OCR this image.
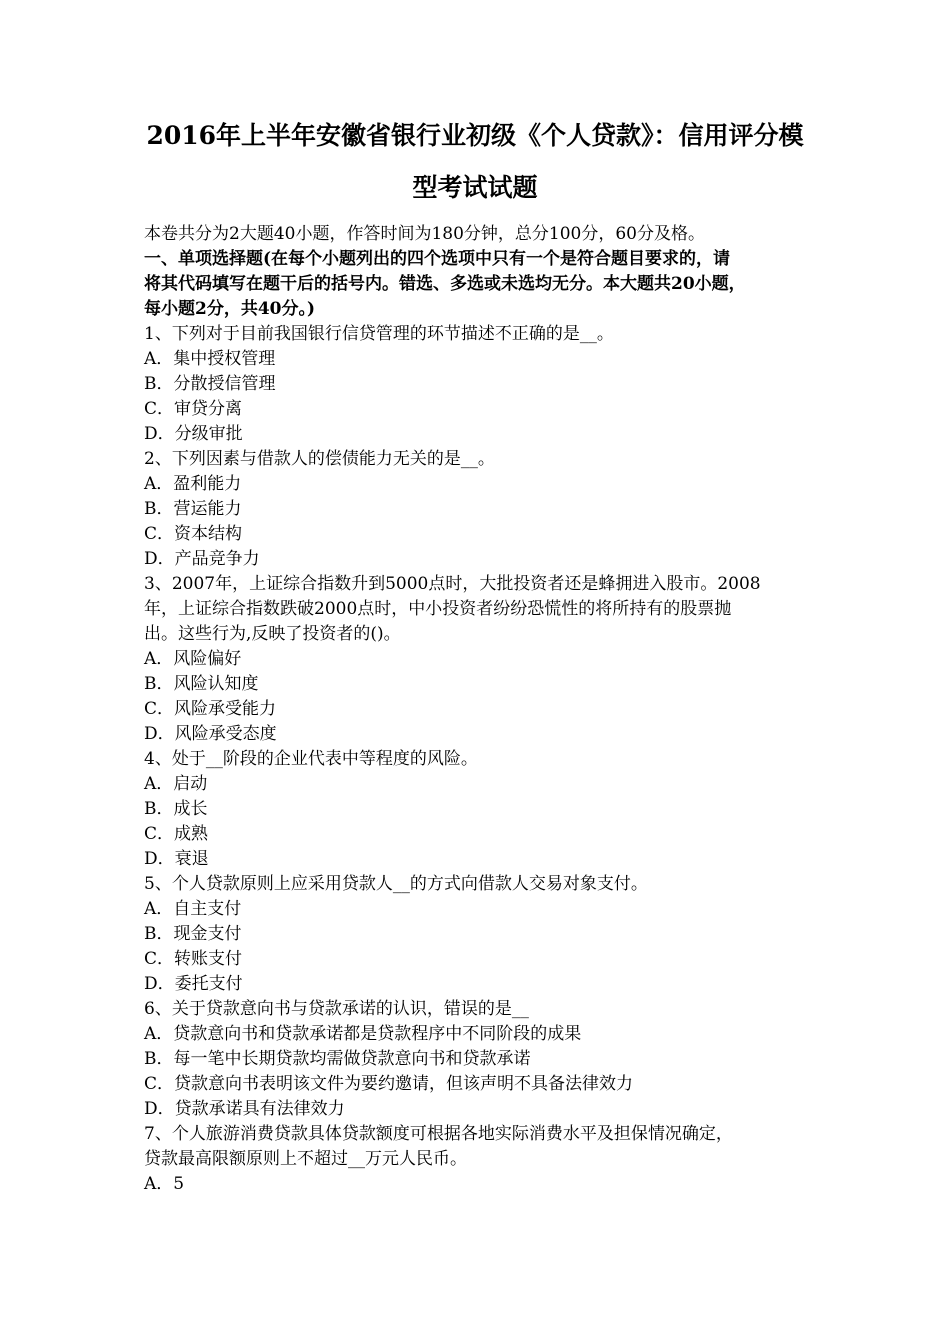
2016年上半年安徽省银行业初级《个人贷款》：信用评分模
型考试试题
本卷共分为2大题40小题，作答时间为180分钟，总分100分，60分及格。
一、单项选择题(在每个小题列出的四个选项中只有一个是符合题目要求的，请
将其代码填写在题干后的括号内。错选、多选或未选均无分。本大题共20小题，
每小题2分，共40分。)
1、下列对于目前我国银行信贷管理的环节描述不正确的是__。
A．集中授权管理
B．分散授信管理
C．审贷分离
D．分级审批
2、下列因素与借款人的偿债能力无关的是__。
A．盈利能力
B．营运能力
C．资本结构
D．产品竞争力
3、2007年，上证综合指数升到5000点时，大批投资者还是蜂拥进入股市。2008
年，上证综合指数跌破2000点时，中小投资者纷纷恐慌性的将所持有的股票抛
出。这些行为,反映了投资者的()。
A．风险偏好
B．风险认知度
C．风险承受能力
D．风险承受态度
4、处于__阶段的企业代表中等程度的风险。
A．启动
B．成长
C．成熟
D．衰退
5、个人贷款原则上应采用贷款人__的方式向借款人交易对象支付。
A．自主支付
B．现金支付
C．转账支付
D．委托支付
6、关于贷款意向书与贷款承诺的认识，错误的是__
A．贷款意向书和贷款承诺都是贷款程序中不同阶段的成果
B．每一笔中长期贷款均需做贷款意向书和贷款承诺
C．贷款意向书表明该文件为要约邀请，但该声明不具备法律效力
D．贷款承诺具有法律效力
7、个人旅游消费贷款具体贷款额度可根据各地实际消费水平及担保情况确定，
贷款最高限额原则上不超过__万元人民币。
A．5
